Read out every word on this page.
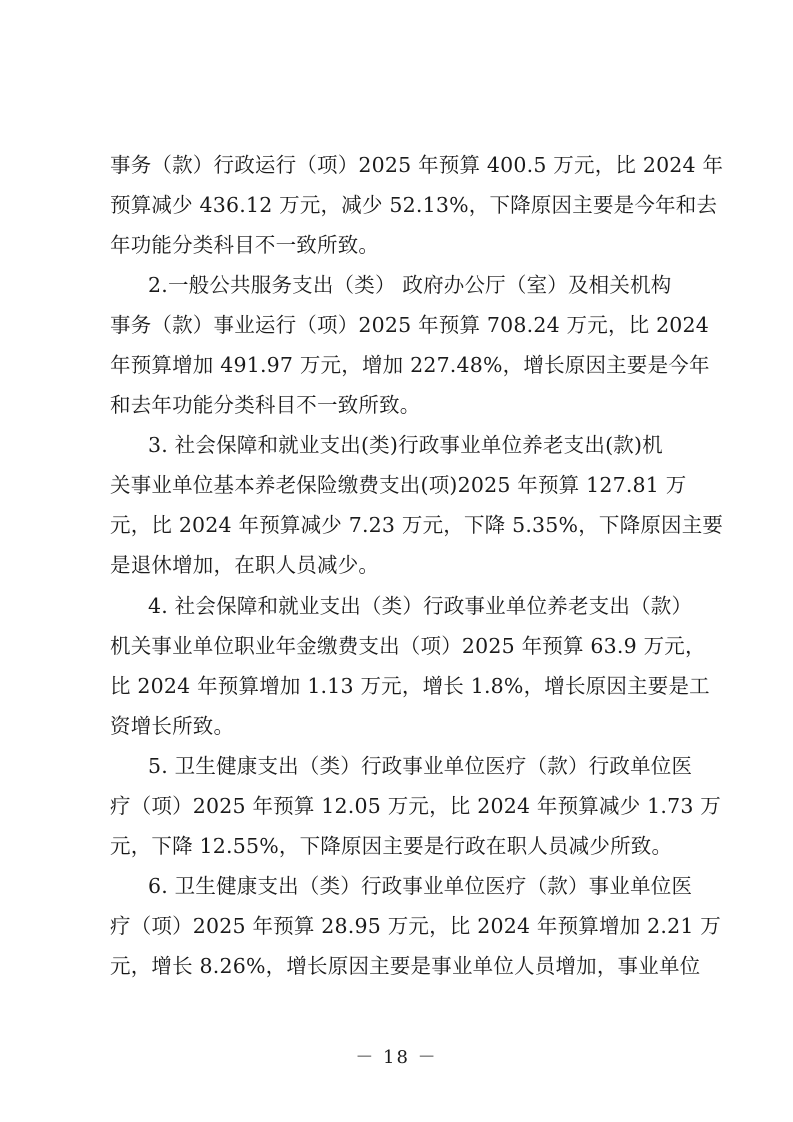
事务（款）行政运行（项）2025 年预算 400.5 万元，比 2024 年
预算减少 436.12 万元，减少 52.13%，下降原因主要是今年和去
年功能分类科目不一致所致。
2.一般公共服务支出（类） 政府办公厅（室）及相关机构
事务（款）事业运行（项）2025 年预算 708.24 万元，比 2024
年预算增加 491.97 万元，增加 227.48%，增长原因主要是今年
和去年功能分类科目不一致所致。
3. 社会保障和就业支出(类)行政事业单位养老支出(款)机
关事业单位基本养老保险缴费支出(项)2025 年预算 127.81 万
元，比 2024 年预算减少 7.23 万元，下降 5.35%，下降原因主要
是退休增加，在职人员减少。
4. 社会保障和就业支出（类）行政事业单位养老支出（款）
机关事业单位职业年金缴费支出（项）2025 年预算 63.9 万元，
比 2024 年预算增加 1.13 万元，增长 1.8%，增长原因主要是工
资增长所致。
5. 卫生健康支出（类）行政事业单位医疗（款）行政单位医
疗（项）2025 年预算 12.05 万元，比 2024 年预算减少 1.73 万
元，下降 12.55%，下降原因主要是行政在职人员减少所致。
6. 卫生健康支出（类）行政事业单位医疗（款）事业单位医
疗（项）2025 年预算 28.95 万元，比 2024 年预算增加 2.21 万
元，增长 8.26%，增长原因主要是事业单位人员增加，事业单位
－ 18 －
